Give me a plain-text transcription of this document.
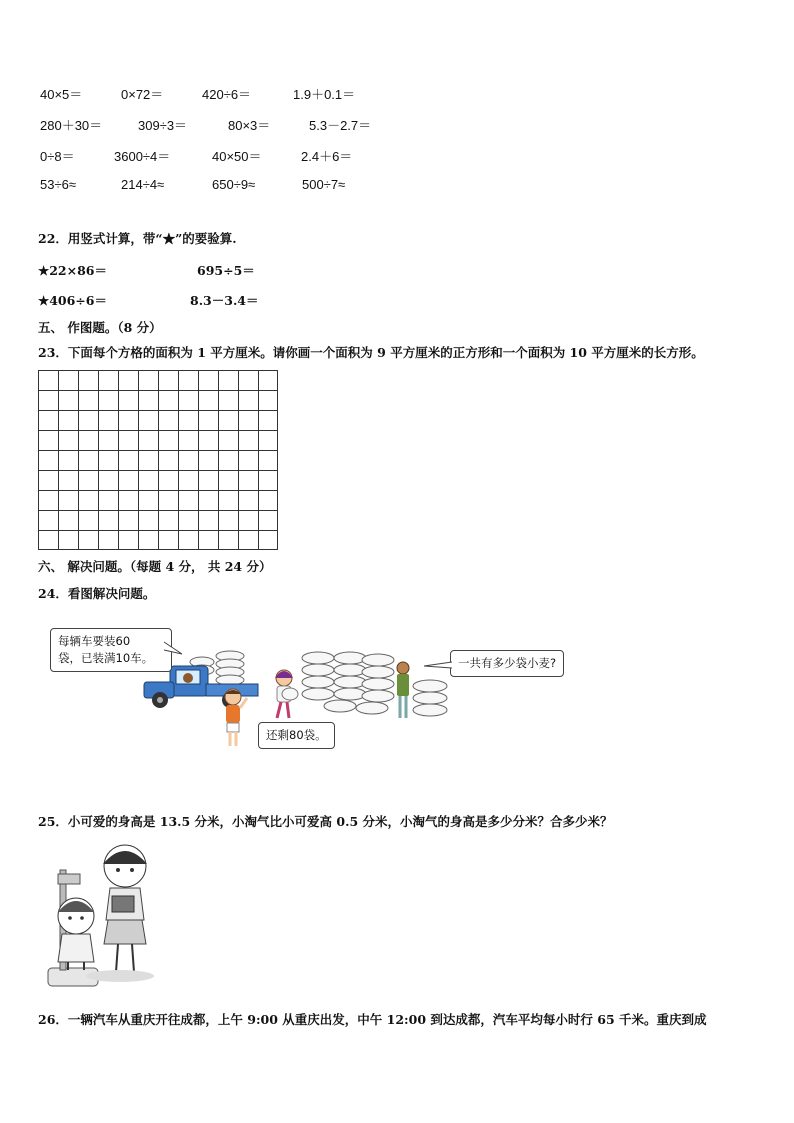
40×5＝	0×72＝	420÷6＝	1.9＋0.1＝
280＋30＝	309÷3＝	80×3＝	5.3－2.7＝
0÷8＝	3600÷4＝	40×50＝	2.4＋6＝
53÷6≈	214÷4≈	650÷9≈	500÷7≈
22．用竖式计算，带“★”的要验算.
★22×86＝	695÷5＝
★406÷6＝	8.3－3.4＝
五、 作图题。（8 分）
23．下面每个方格的面积为 1 平方厘米。请你画一个面积为 9 平方厘米的正方形和一个面积为 10 平方厘米的长方形。
六、 解决问题。（每题 4 分， 共 24 分）
24．看图解决问题。
每辆车要装60
袋，已装满10车。	一共有多少袋小麦?
还剩80袋。
25．小可爱的身高是 13.5 分米，小淘气比小可爱高 0.5 分米，小淘气的身高是多少分米？合多少米？
26．一辆汽车从重庆开往成都，上午 9:00 从重庆出发，中午 12:00 到达成都，汽车平均每小时行 65 千米。重庆到成
